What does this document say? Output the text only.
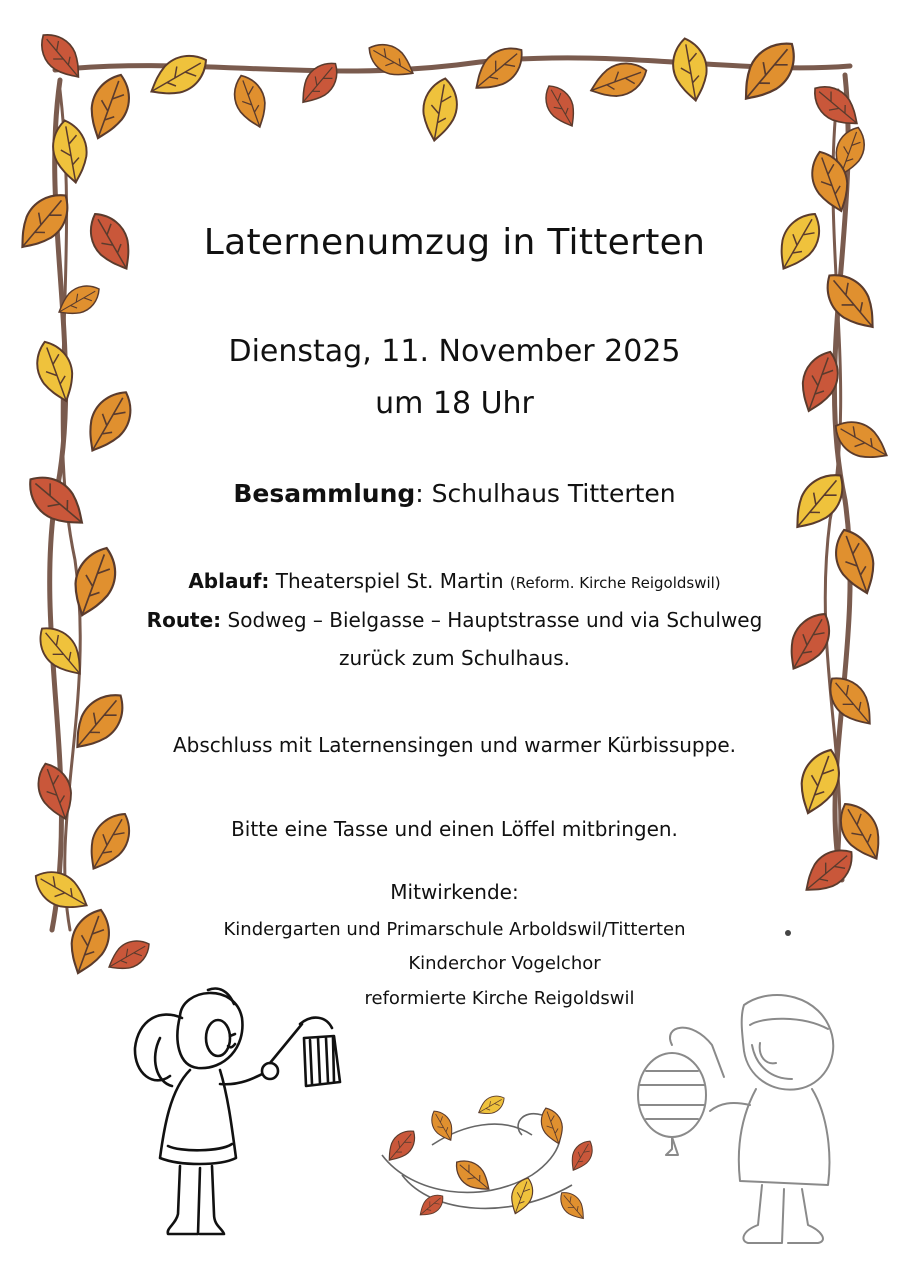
Laternenumzug in Titterten
Dienstag, 11. November 2025
um 18 Uhr
Besammlung: Schulhaus Titterten
Ablauf: Theaterspiel St. Martin (Reform. Kirche Reigoldswil)
Route: Sodweg – Bielgasse – Hauptstrasse und via Schulweg
zurück zum Schulhaus.
Abschluss mit Laternensingen und warmer Kürbissuppe.
Bitte eine Tasse und einen Löffel mitbringen.
Mitwirkende:
Kindergarten und Primarschule Arboldswil/Titterten
Kinderchor Vogelchor
reformierte Kirche Reigoldswil
